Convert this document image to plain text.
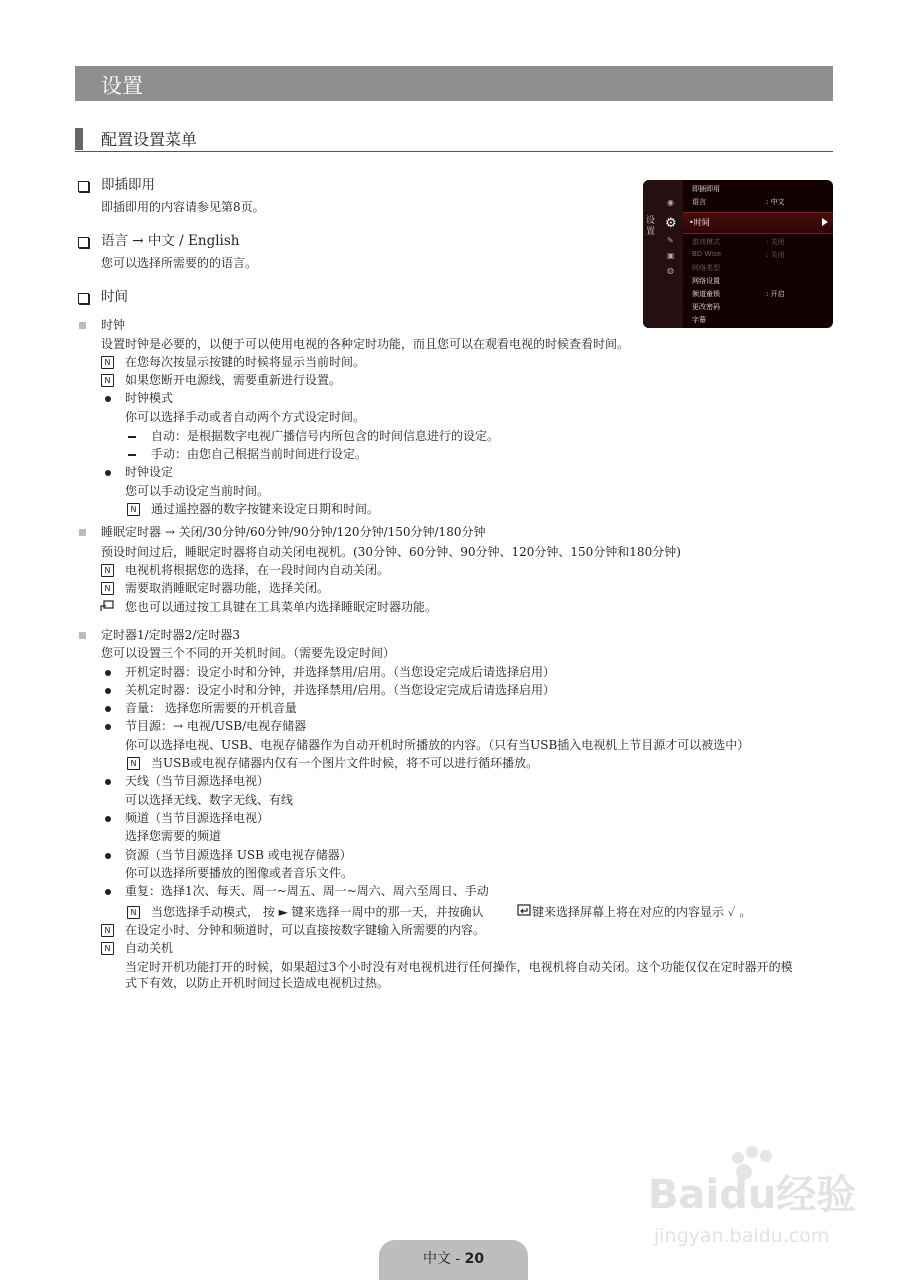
设置
配置设置菜单
设置
◉
⚙
✎
▣
◍
•时间
即插即用
语言	: 中文
游戏模式	: 关闭
BD Wise	: 关闭
网络类型
网络设置
频道童锁	: 开启
更改密码
字幕
即插即用
即插即用的内容请参见第8页。
语言 → 中文 / English
您可以选择所需要的的语言。
时间
时钟
设置时钟是必要的，以便于可以使用电视的各种定时功能，而且您可以在观看电视的时候查看时间。
N 在您每次按显示按键的时候将显示当前时间。
N 如果您断开电源线，需要重新进行设置。
时钟模式
你可以选择手动或者自动两个方式设定时间。
自动：是根据数字电视广播信号内所包含的时间信息进行的设定。
手动：由您自己根据当前时间进行设定。
时钟设定
您可以手动设定当前时间。
N 通过遥控器的数字按键来设定日期和时间。
睡眠定时器 → 关闭/30分钟/60分钟/90分钟/120分钟/150分钟/180分钟
预设时间过后，睡眠定时器将自动关闭电视机。(30分钟、60分钟、90分钟、120分钟、150分钟和180分钟)
N 电视机将根据您的选择，在一段时间内自动关闭。
N 需要取消睡眠定时器功能，选择关闭。
您也可以通过按工具键在工具菜单内选择睡眠定时器功能。
定时器1/定时器2/定时器3
您可以设置三个不同的开关机时间。（需要先设定时间）
开机定时器：设定小时和分钟，并选择禁用/启用。（当您设定完成后请选择启用）
关机定时器：设定小时和分钟，并选择禁用/启用。（当您设定完成后请选择启用）
音量： 选择您所需要的开机音量
节目源：→ 电视/USB/电视存储器
你可以选择电视、USB、电视存储器作为自动开机时所播放的内容。（只有当USB插入电视机上节目源才可以被选中）
N 当USB或电视存储器内仅有一个图片文件时候，将不可以进行循环播放。
天线（当节目源选择电视）
可以选择无线、数字无线、有线
频道（当节目源选择电视）
选择您需要的频道
资源（当节目源选择 USB 或电视存储器）
你可以选择所要播放的图像或者音乐文件。
重复：选择1次、每天、周一~周五、周一~周六、周六至周日、手动
N 当您选择手动模式， 按 ► 键来选择一周中的那一天，并按确认	键来选择屏幕上将在对应的内容显示 ✓ 。
N 在设定小时、分钟和频道时，可以直接按数字键输入所需要的内容。
N 自动关机
当定时开机功能打开的时候，如果超过3个小时没有对电视机进行任何操作，电视机将自动关闭。这个功能仅仅在定时器开的模
式下有效，以防止开机时间过长造成电视机过热。
Baidu经验
jingyan.baidu.com
中文 - 20
